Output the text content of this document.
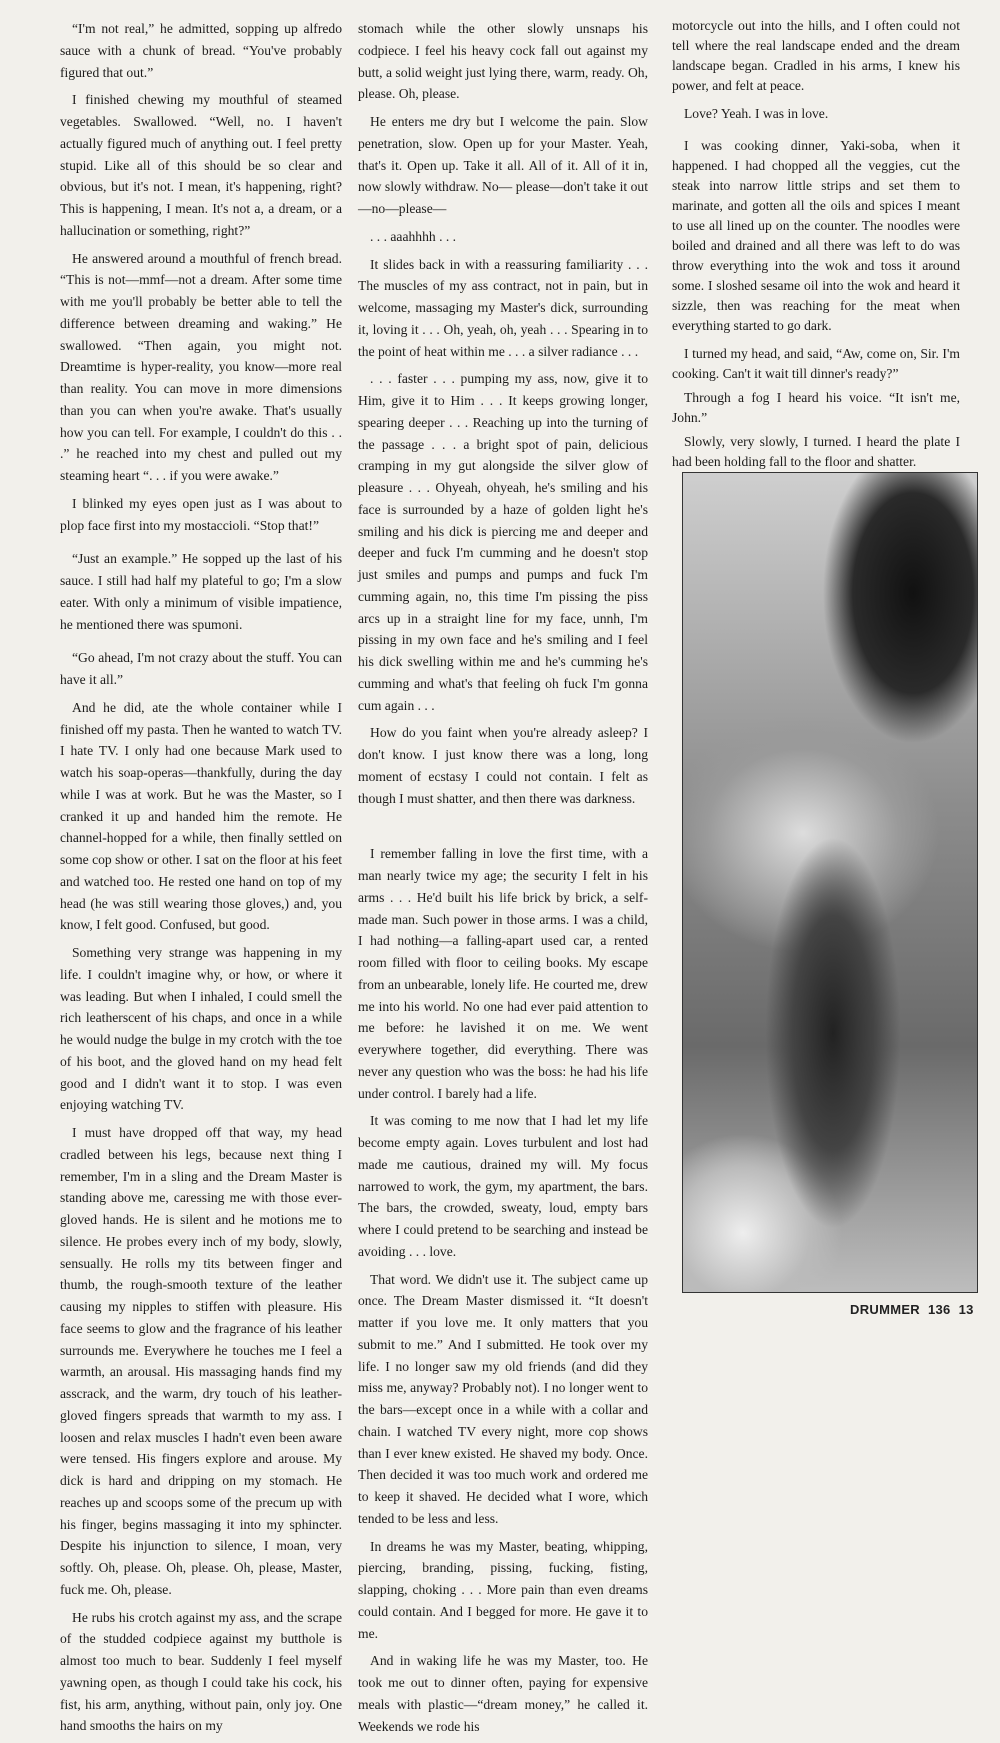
“I'm not real,” he admitted, sopping up alfredo sauce with a chunk of bread. “You've probably figured that out.”

I finished chewing my mouthful of steamed vegetables. Swallowed. “Well, no. I haven't actually figured much of anything out. I feel pretty stupid. Like all of this should be so clear and obvious, but it's not. I mean, it's happening, right? This is happening, I mean. It's not a, a dream, or a hallucination or something, right?”

He answered around a mouthful of french bread. “This is not—mmf—not a dream. After some time with me you'll probably be better able to tell the difference between dreaming and waking.” He swallowed. “Then again, you might not. Dreamtime is hyper-reality, you know—more real than reality. You can move in more dimensions than you can when you're awake. That's usually how you can tell. For example, I couldn't do this . . .” he reached into my chest and pulled out my steaming heart “. . . if you were awake.”

I blinked my eyes open just as I was about to plop face first into my mostaccioli. “Stop that!”

“Just an example.” He sopped up the last of his sauce. I still had half my plateful to go; I'm a slow eater. With only a minimum of visible impatience, he mentioned there was spumoni.

“Go ahead, I'm not crazy about the stuff. You can have it all.”

And he did, ate the whole container while I finished off my pasta. Then he wanted to watch TV. I hate TV. I only had one because Mark used to watch his soap-operas—thankfully, during the day while I was at work. But he was the Master, so I cranked it up and handed him the remote. He channel-hopped for a while, then finally settled on some cop show or other. I sat on the floor at his feet and watched too. He rested one hand on top of my head (he was still wearing those gloves,) and, you know, I felt good. Confused, but good.

Something very strange was happening in my life. I couldn't imagine why, or how, or where it was leading. But when I inhaled, I could smell the rich leatherscent of his chaps, and once in a while he would nudge the bulge in my crotch with the toe of his boot, and the gloved hand on my head felt good and I didn't want it to stop. I was even enjoying watching TV.

I must have dropped off that way, my head cradled between his legs, because next thing I remember, I'm in a sling and the Dream Master is standing above me, caressing me with those ever-gloved hands. He is silent and he motions me to silence. He probes every inch of my body, slowly, sensually. He rolls my tits between finger and thumb, the rough-smooth texture of the leather causing my nipples to stiffen with pleasure. His face seems to glow and the fragrance of his leather surrounds me. Everywhere he touches me I feel a warmth, an arousal. His massaging hands find my asscrack, and the warm, dry touch of his leather-gloved fingers spreads that warmth to my ass. I loosen and relax muscles I hadn't even been aware were tensed. His fingers explore and arouse. My dick is hard and dripping on my stomach. He reaches up and scoops some of the precum up with his finger, begins massaging it into my sphincter. Despite his injunction to silence, I moan, very softly. Oh, please. Oh, please. Oh, please, Master, fuck me. Oh, please.

He rubs his crotch against my ass, and the scrape of the studded codpiece against my butthole is almost too much to bear. Suddenly I feel myself yawning open, as though I could take his cock, his fist, his arm, anything, without pain, only joy. One hand smooths the hairs on my

stomach while the other slowly unsnaps his codpiece. I feel his heavy cock fall out against my butt, a solid weight just lying there, warm, ready. Oh, please. Oh, please.

He enters me dry but I welcome the pain. Slow penetration, slow. Open up for your Master. Yeah, that's it. Open up. Take it all. All of it. All of it in, now slowly withdraw. No— please—don't take it out—no—please—

. . . aaahhhh . . .

It slides back in with a reassuring familiarity . . . The muscles of my ass contract, not in pain, but in welcome, massaging my Master's dick, surrounding it, loving it . . . Oh, yeah, oh, yeah . . . Spearing in to the point of heat within me . . . a silver radiance . . .

. . . faster . . . pumping my ass, now, give it to Him, give it to Him . . . It keeps growing longer, spearing deeper . . . Reaching up into the turning of the passage . . . a bright spot of pain, delicious cramping in my gut alongside the silver glow of pleasure . . . Ohyeah, ohyeah, he's smiling and his face is surrounded by a haze of golden light he's smiling and his dick is piercing me and deeper and deeper and fuck I'm cumming and he doesn't stop just smiles and pumps and pumps and fuck I'm cumming again, no, this time I'm pissing the piss arcs up in a straight line for my face, unnh, I'm pissing in my own face and he's smiling and I feel his dick swelling within me and he's cumming he's cumming and what's that feeling oh fuck I'm gonna cum again . . .

How do you faint when you're already asleep? I don't know. I just know there was a long, long moment of ecstasy I could not contain. I felt as though I must shatter, and then there was darkness.

I remember falling in love the first time, with a man nearly twice my age; the security I felt in his arms . . . He'd built his life brick by brick, a self-made man. Such power in those arms. I was a child, I had nothing—a falling-apart used car, a rented room filled with floor to ceiling books. My escape from an unbearable, lonely life. He courted me, drew me into his world. No one had ever paid attention to me before: he lavished it on me. We went everywhere together, did everything. There was never any question who was the boss: he had his life under control. I barely had a life.

It was coming to me now that I had let my life become empty again. Loves turbulent and lost had made me cautious, drained my will. My focus narrowed to work, the gym, my apartment, the bars. The bars, the crowded, sweaty, loud, empty bars where I could pretend to be searching and instead be avoiding . . . love.

That word. We didn't use it. The subject came up once. The Dream Master dismissed it. “It doesn't matter if you love me. It only matters that you submit to me.” And I submitted. He took over my life. I no longer saw my old friends (and did they miss me, anyway? Probably not). I no longer went to the bars—except once in a while with a collar and chain. I watched TV every night, more cop shows than I ever knew existed. He shaved my body. Once. Then decided it was too much work and ordered me to keep it shaved. He decided what I wore, which tended to be less and less.

In dreams he was my Master, beating, whipping, piercing, branding, pissing, fucking, fisting, slapping, choking . . . More pain than even dreams could contain. And I begged for more. He gave it to me.

And in waking life he was my Master, too. He took me out to dinner often, paying for expensive meals with plastic—“dream money,” he called it. Weekends we rode his

motorcycle out into the hills, and I often could not tell where the real landscape ended and the dream landscape began. Cradled in his arms, I knew his power, and felt at peace.

Love? Yeah. I was in love.

I was cooking dinner, Yaki-soba, when it happened. I had chopped all the veggies, cut the steak into narrow little strips and set them to marinate, and gotten all the oils and spices I meant to use all lined up on the counter. The noodles were boiled and drained and all there was left to do was throw everything into the wok and toss it around some. I sloshed sesame oil into the wok and heard it sizzle, then was reaching for the meat when everything started to go dark.

I turned my head, and said, “Aw, come on, Sir. I'm cooking. Can't it wait till dinner's ready?”

Through a fog I heard his voice. “It isn't me, John.”

Slowly, very slowly, I turned. I heard the plate I had been holding fall to the floor and shatter.

DRUMMER 136 13
